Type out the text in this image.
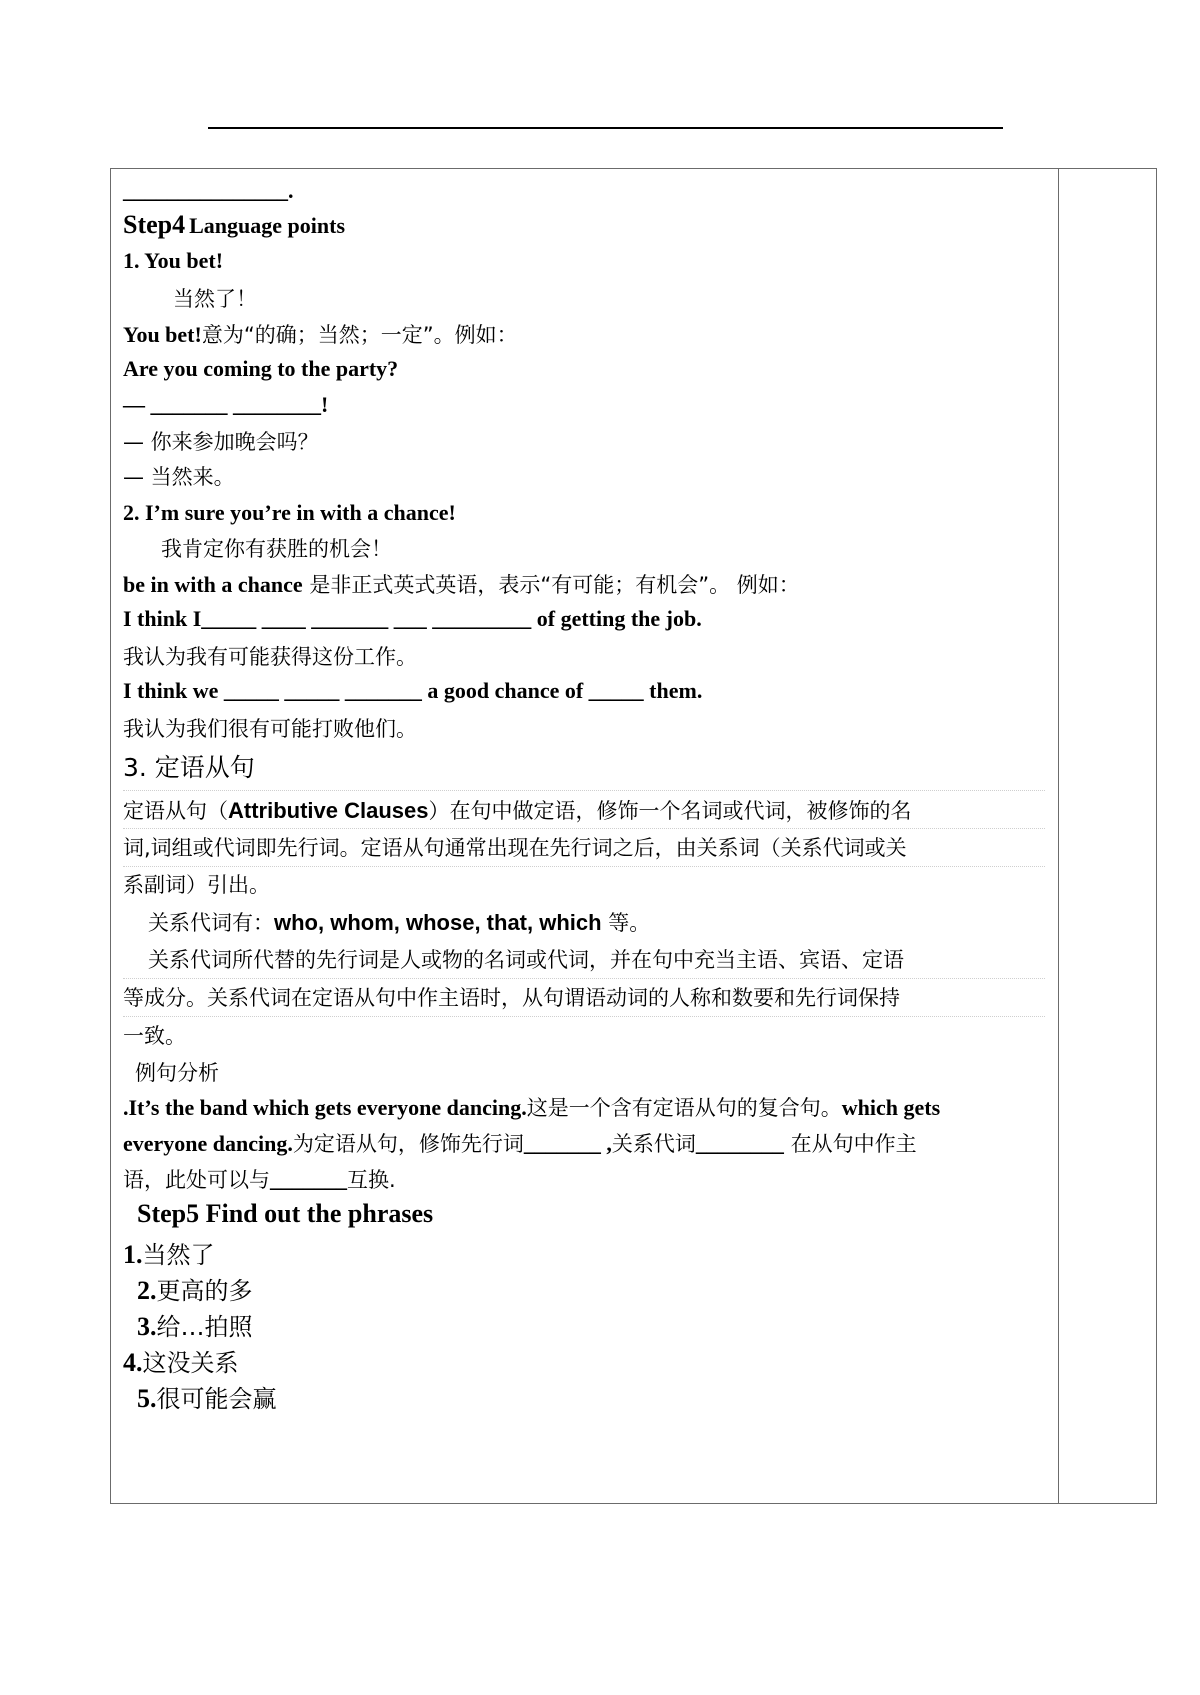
_______________.
Step4 Language points
1. You bet!
当然了！
You bet!意为“的确；当然；一定”。例如：
Are you coming to the party?
— _______ ________!
— 你来参加晚会吗？
— 当然来。
2. I’m sure you’re in with a chance!
我肯定你有获胜的机会！
be in with a chance 是非正式英式英语，表示“有可能；有机会”。 例如：
I think I_____ ____ _______ ___ _________ of getting the job.
我认为我有可能获得这份工作。
I think we _____ _____ _______ a good chance of _____ them.
我认为我们很有可能打败他们。
3. 定语从句
定语从句（Attributive Clauses）在句中做定语，修饰一个名词或代词，被修饰的名
词,词组或代词即先行词。定语从句通常出现在先行词之后，由关系词（关系代词或关
系副词）引出。
关系代词有：who, whom, whose, that, which 等。
关系代词所代替的先行词是人或物的名词或代词，并在句中充当主语、宾语、定语
等成分。关系代词在定语从句中作主语时，从句谓语动词的人称和数要和先行词保持
一致。
例句分析
.It’s the band which gets everyone dancing.这是一个含有定语从句的复合句。which gets
everyone dancing.为定语从句，修饰先行词_______ ,关系代词________ 在从句中作主
语，此处可以与_______互换.
Step5 Find out the phrases
1.当然了
2.更高的多
3.给…拍照
4.这没关系
5.很可能会赢
